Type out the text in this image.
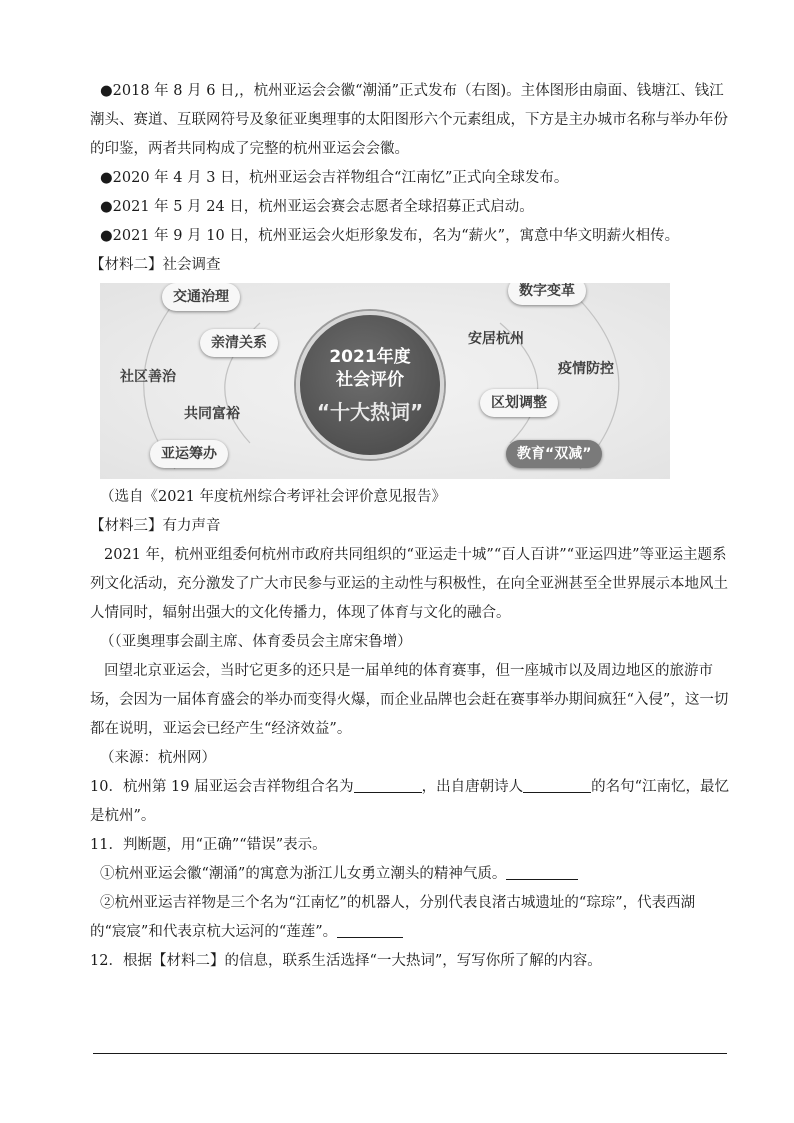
●2018 年 8 月 6 日,，杭州亚运会会徽“潮涌”正式发布（右图)。主体图形由扇面、钱塘江、钱江潮头、赛道、互联网符号及象征亚奥理事的太阳图形六个元素组成，下方是主办城市名称与举办年份的印鉴，两者共同构成了完整的杭州亚运会会徽。

●2020 年 4 月 3 日，杭州亚运会吉祥物组合“江南忆”正式向全球发布。

●2021 年 5 月 24 日，杭州亚运会赛会志愿者全球招募正式启动。

●2021 年 9 月 10 日，杭州亚运会火炬形象发布，名为“薪火”，寓意中华文明薪火相传。

【材料二】社会调查

交通治理
亲清关系
社区善治
共同富裕
亚运筹办
2021年度
社会评价
“十大热词”
数字变革
安居杭州
疫情防控
区划调整
教育“双减”

（选自《2021 年度杭州综合考评社会评价意见报告》

【材料三】有力声音

2021 年，杭州亚组委何杭州市政府共同组织的“亚运走十城”“百人百讲”“亚运四进”等亚运主题系列文化活动，充分激发了广大市民参与亚运的主动性与积极性，在向全亚洲甚至全世界展示本地风土人情同时，辐射出强大的文化传播力，体现了体育与文化的融合。

（（亚奥理事会副主席、体育委员会主席宋鲁增）

回望北京亚运会，当时它更多的还只是一届单纯的体育赛事，但一座城市以及周边地区的旅游市场，会因为一届体育盛会的举办而变得火爆，而企业品牌也会赶在赛事举办期间疯狂“入侵”，这一切都在说明，亚运会已经产生“经济效益”。

（来源：杭州网）

10．杭州第 19 届亚运会吉祥物组合名为	，出自唐朝诗人	的名句“江南忆，最忆是杭州”。

11．判断题，用“正确”“错误”表示。

①杭州亚运会徽“潮涌”的寓意为浙江儿女勇立潮头的精神气质。

②杭州亚运吉祥物是三个名为“江南忆”的机器人，分别代表良渚古城遗址的“琮琮”，代表西湖的“宸宸”和代表京杭大运河的“莲莲”。

12．根据【材料二】的信息，联系生活选择“一大热词”，写写你所了解的内容。
